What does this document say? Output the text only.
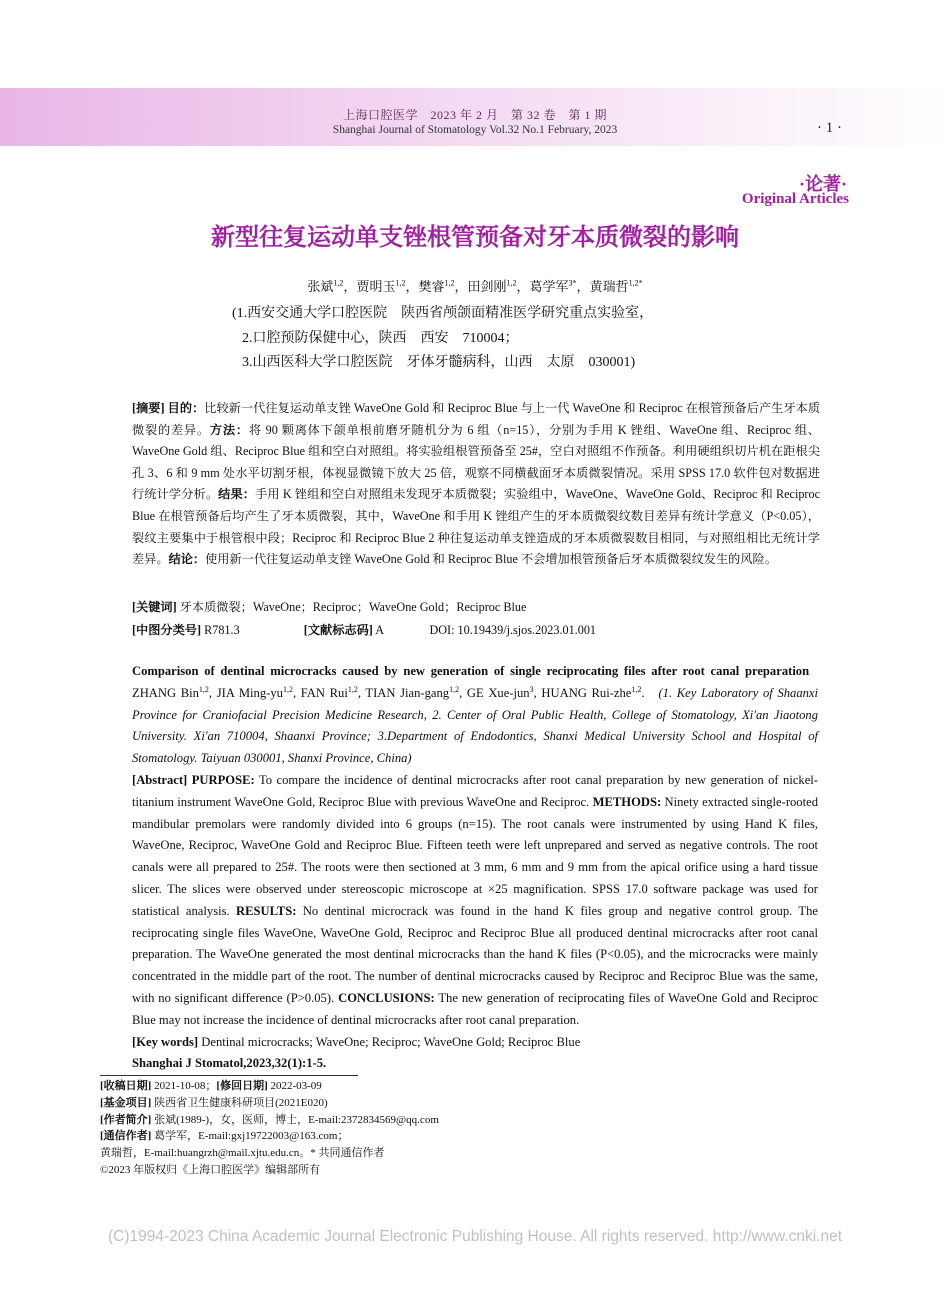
上海口腔医学　2023 年 2 月　第 32 卷　第 1 期
Shanghai Journal of Stomatology Vol.32 No.1 February, 2023	· 1 ·
·论著·
Original Articles
新型往复运动单支锉根管预备对牙本质微裂的影响
张斌$^{1,2}$，贾明玉$^{1,2}$，樊睿$^{1,2}$，田剑刚$^{1,2}$，葛学军$^{3*}$，黄瑞哲$^{1,2*}$
(1.西安交通大学口腔医院　陕西省颅颌面精准医学研究重点实验室，
2.口腔预防保健中心，陕西　西安　710004；
3.山西医科大学口腔医院　牙体牙髓病科，山西　太原　030001)
[摘要] 目的：比较新一代往复运动单支锉 WaveOne Gold 和 Reciproc Blue 与上一代 WaveOne 和 Reciproc 在根管预备后产生牙本质微裂的差异。方法：将 90 颗离体下颌单根前磨牙随机分为 6 组（n=15），分别为手用 K 锉组、WaveOne 组、Reciproc 组、WaveOne Gold 组、Reciproc Blue 组和空白对照组。将实验组根管预备至 25#，空白对照组不作预备。利用硬组织切片机在距根尖孔 3、6 和 9 mm 处水平切割牙根，体视显微镜下放大 25 倍，观察不同横截面牙本质微裂情况。采用 SPSS 17.0 软件包对数据进行统计学分析。结果：手用 K 锉组和空白对照组未发现牙本质微裂；实验组中，WaveOne、WaveOne Gold、Reciproc 和 Reciproc Blue 在根管预备后均产生了牙本质微裂，其中，WaveOne 和手用 K 锉组产生的牙本质微裂纹数目差异有统计学意义（P<0.05），裂纹主要集中于根管根中段；Reciproc 和 Reciproc Blue 2 种往复运动单支锉造成的牙本质微裂数目相同，与对照组相比无统计学差异。结论：使用新一代往复运动单支锉 WaveOne Gold 和 Reciproc Blue 不会增加根管预备后牙本质微裂纹发生的风险。
[关键词] 牙本质微裂；WaveOne；Reciproc；WaveOne Gold；Reciproc Blue
[中图分类号] R781.3	[文献标志码] A	DOI: 10.19439/j.sjos.2023.01.001
Comparison of dentinal microcracks caused by new generation of single reciprocating files after root canal preparation   ZHANG Bin$^{1,2}$, JIA Ming-yu$^{1,2}$, FAN Rui$^{1,2}$, TIAN Jian-gang$^{1,2}$, GE Xue-jun$^3$, HUANG Rui-zhe$^{1,2}$. (1. Key Laboratory of Shaanxi Province for Craniofacial Precision Medicine Research, 2. Center of Oral Public Health, College of Stomatology, Xi'an Jiaotong University. Xi'an 710004, Shaanxi Province; 3.Department of Endodontics, Shanxi Medical University School and Hospital of Stomatology. Taiyuan 030001, Shanxi Province, China)
[Abstract] PURPOSE: To compare the incidence of dentinal microcracks after root canal preparation by new generation of nickel-titanium instrument WaveOne Gold, Reciproc Blue with previous WaveOne and Reciproc. METHODS: Ninety extracted single-rooted mandibular premolars were randomly divided into 6 groups (n=15). The root canals were instrumented by using Hand K files, WaveOne, Reciproc, WaveOne Gold and Reciproc Blue. Fifteen teeth were left unprepared and served as negative controls. The root canals were all prepared to 25#. The roots were then sectioned at 3 mm, 6 mm and 9 mm from the apical orifice using a hard tissue slicer. The slices were observed under stereoscopic microscope at ×25 magnification. SPSS 17.0 software package was used for statistical analysis. RESULTS: No dentinal microcrack was found in the hand K files group and negative control group. The reciprocating single files WaveOne, WaveOne Gold, Reciproc and Reciproc Blue all produced dentinal microcracks after root canal preparation. The WaveOne generated the most dentinal microcracks than the hand K files (P<0.05), and the microcracks were mainly concentrated in the middle part of the root. The number of dentinal microcracks caused by Reciproc and Reciproc Blue was the same, with no significant difference (P>0.05). CONCLUSIONS: The new generation of reciprocating files of WaveOne Gold and Reciproc Blue may not increase the incidence of dentinal microcracks after root canal preparation.
[Key words] Dentinal microcracks; WaveOne; Reciproc; WaveOne Gold; Reciproc Blue
Shanghai J Stomatol,2023,32(1):1-5.
[收稿日期] 2021-10-08；[修回日期] 2022-03-09
[基金项目] 陕西省卫生健康科研项目(2021E020)
[作者简介] 张斌(1989-)，女，医师，博士，E-mail:2372834569@qq.com
[通信作者] 葛学军，E-mail:gxj19722003@163.com；
黄瑞哲，E-mail:huangrzh@mail.xjtu.edu.cn。* 共同通信作者
©2023 年版权归《上海口腔医学》编辑部所有
(C)1994-2023 China Academic Journal Electronic Publishing House. All rights reserved. http://www.cnki.net
